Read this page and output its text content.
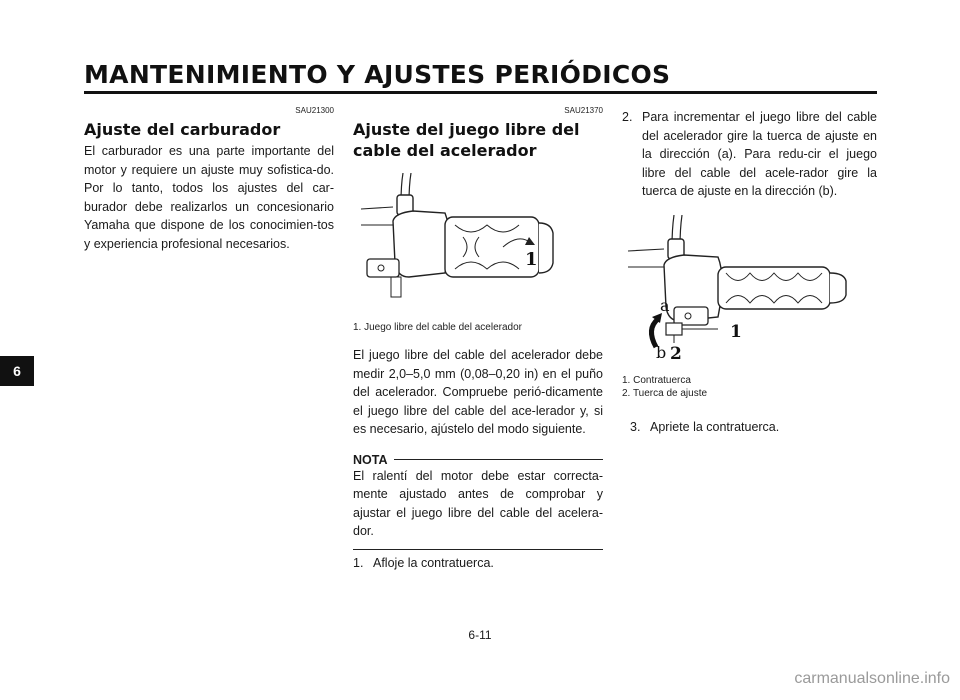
MANTENIMIENTO Y AJUSTES PERIÓDICOS
6
SAU21300
Ajuste del carburador
El carburador es una parte importante del motor y requiere un ajuste muy sofistica-do. Por lo tanto, todos los ajustes del car-burador debe realizarlos un concesionario Yamaha que dispone de los conocimien-tos y experiencia profesional necesarios.
SAU21370
Ajuste del juego libre del cable del acelerador
1
1. Juego libre del cable del acelerador
El juego libre del cable del acelerador debe medir 2,0–5,0 mm (0,08–0,20 in) en el puño del acelerador. Compruebe perió-dicamente el juego libre del cable del ace-lerador y, si es necesario, ajústelo del modo siguiente.
NOTA
El ralentí del motor debe estar correcta-mente ajustado antes de comprobar y ajustar el juego libre del cable del acelera-dor.
1. Afloje la contratuerca.
2. Para incrementar el juego libre del cable del acelerador gire la tuerca de ajuste en la dirección (a). Para redu-cir el juego libre del cable del acele-rador gire la tuerca de ajuste en la dirección (b).
a
b
1
2
1. Contratuerca
2. Tuerca de ajuste
3. Apriete la contratuerca.
6-11
carmanualsonline.info
